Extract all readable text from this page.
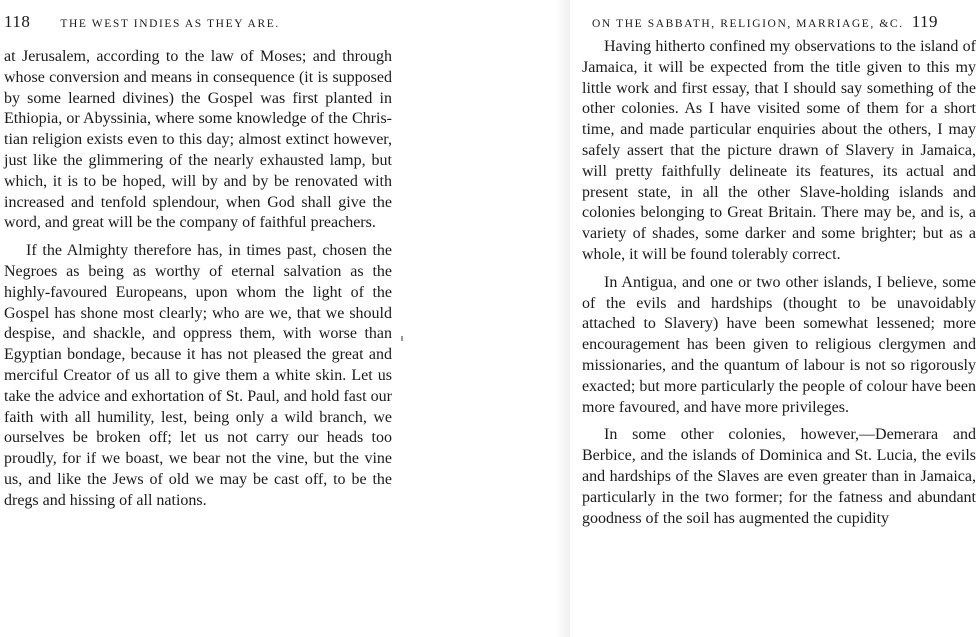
118	THE WEST INDIES AS THEY ARE.

at Jerusalem, according to the law of Moses; and through whose conversion and means in consequence (it is supposed by some learned divines) the Gospel was first planted in Ethiopia, or Abyssinia, where some knowledge of the Christian religion exists even to this day; almost extinct however, just like the glimmering of the nearly exhausted lamp, but which, it is to be hoped, will by and by be renovated with increased and tenfold splendour, when God shall give the word, and great will be the company of faithful preachers.

If the Almighty therefore has, in times past, chosen the Negroes as being as worthy of eternal salvation as the highly-favoured Europeans, upon whom the light of the Gospel has shone most clearly; who are we, that we should despise, and shackle, and oppress them, with worse than Egyptian bondage, because it has not pleased the great and merciful Creator of us all to give them a white skin. Let us take the advice and exhortation of St. Paul, and hold fast our faith with all humility, lest, being only a wild branch, we ourselves be broken off; let us not carry our heads too proudly, for if we boast, we bear not the vine, but the vine us, and like the Jews of old we may be cast off, to be the dregs and hissing of all nations.

ON THE SABBATH, RELIGION, MARRIAGE, &C. 119

Having hitherto confined my observations to the island of Jamaica, it will be expected from the title given to this my little work and first essay, that I should say something of the other colonies. As I have visited some of them for a short time, and made particular enquiries about the others, I may safely assert that the picture drawn of Slavery in Jamaica, will pretty faithfully delineate its features, its actual and present state, in all the other Slave-holding islands and colonies belonging to Great Britain. There may be, and is, a variety of shades, some darker and some brighter; but as a whole, it will be found tolerably correct.

In Antigua, and one or two other islands, I believe, some of the evils and hardships (thought to be unavoidably attached to Slavery) have been somewhat lessened; more encouragement has been given to religious clergymen and missionaries, and the quantum of labour is not so rigorously exacted; but more particularly the people of colour have been more favoured, and have more privileges.

In some other colonies, however,—Demerara and Berbice, and the islands of Dominica and St. Lucia, the evils and hardships of the Slaves are even greater than in Jamaica, particularly in the two former; for the fatness and abundant goodness of the soil has augmented the cupidity
